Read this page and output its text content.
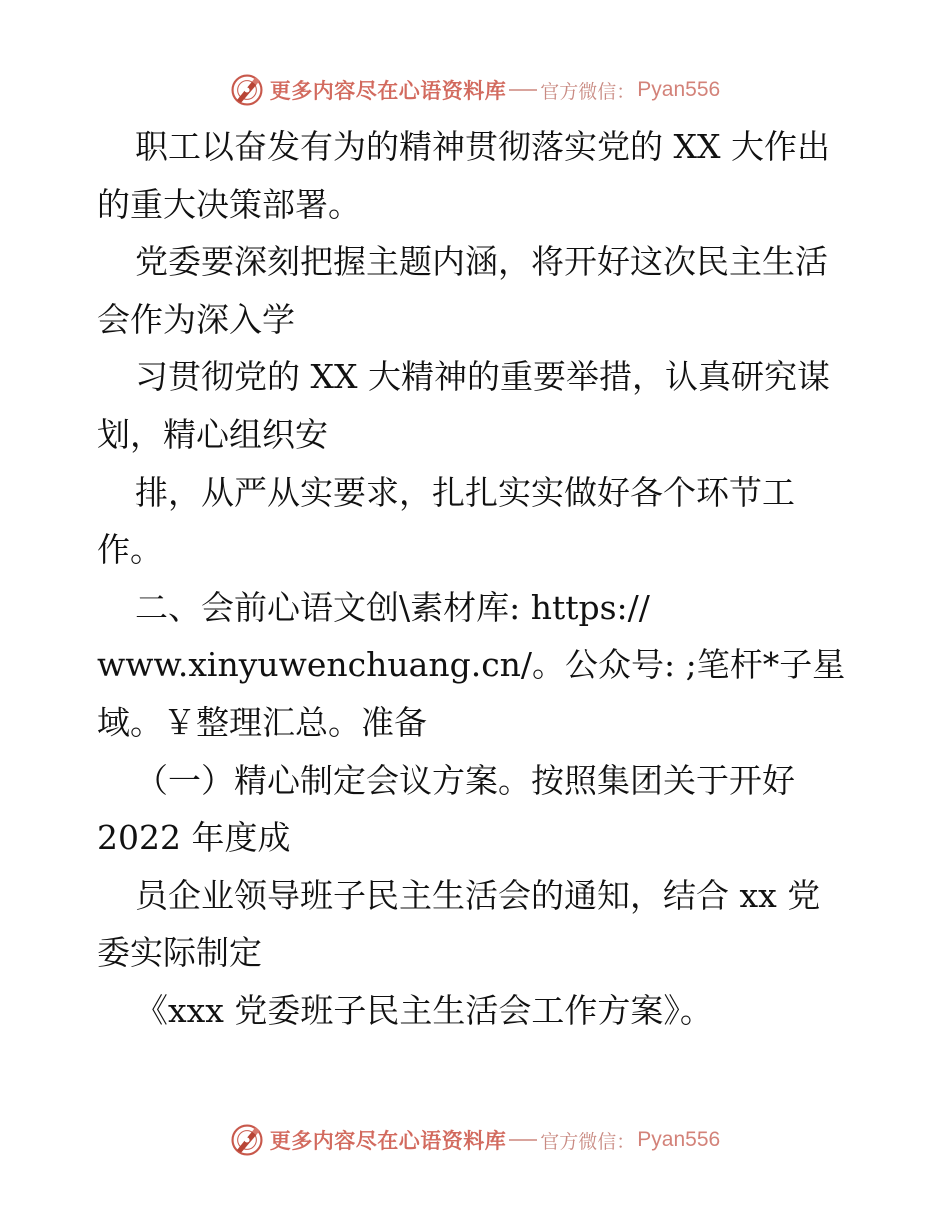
更多内容尽在心语资料库 官方微信： Pyan556
职工以奋发有为的精神贯彻落实党的 XX 大作出
的重大决策部署。
党委要深刻把握主题内涵，将开好这次民主生活
会作为深入学
习贯彻党的 XX 大精神的重要举措，认真研究谋
划，精心组织安
排，从严从实要求，扎扎实实做好各个环节工
作。
二、会前心语文创\素材库: https://
www.xinyuwenchuang.cn/。公众号: ;笔杆*子星
域。￥整理汇总。准备
（一）精心制定会议方案。按照集团关于开好
2022 年度成
员企业领导班子民主生活会的通知，结合 xx 党
委实际制定
《xxx 党委班子民主生活会工作方案》。
更多内容尽在心语资料库 官方微信： Pyan556
